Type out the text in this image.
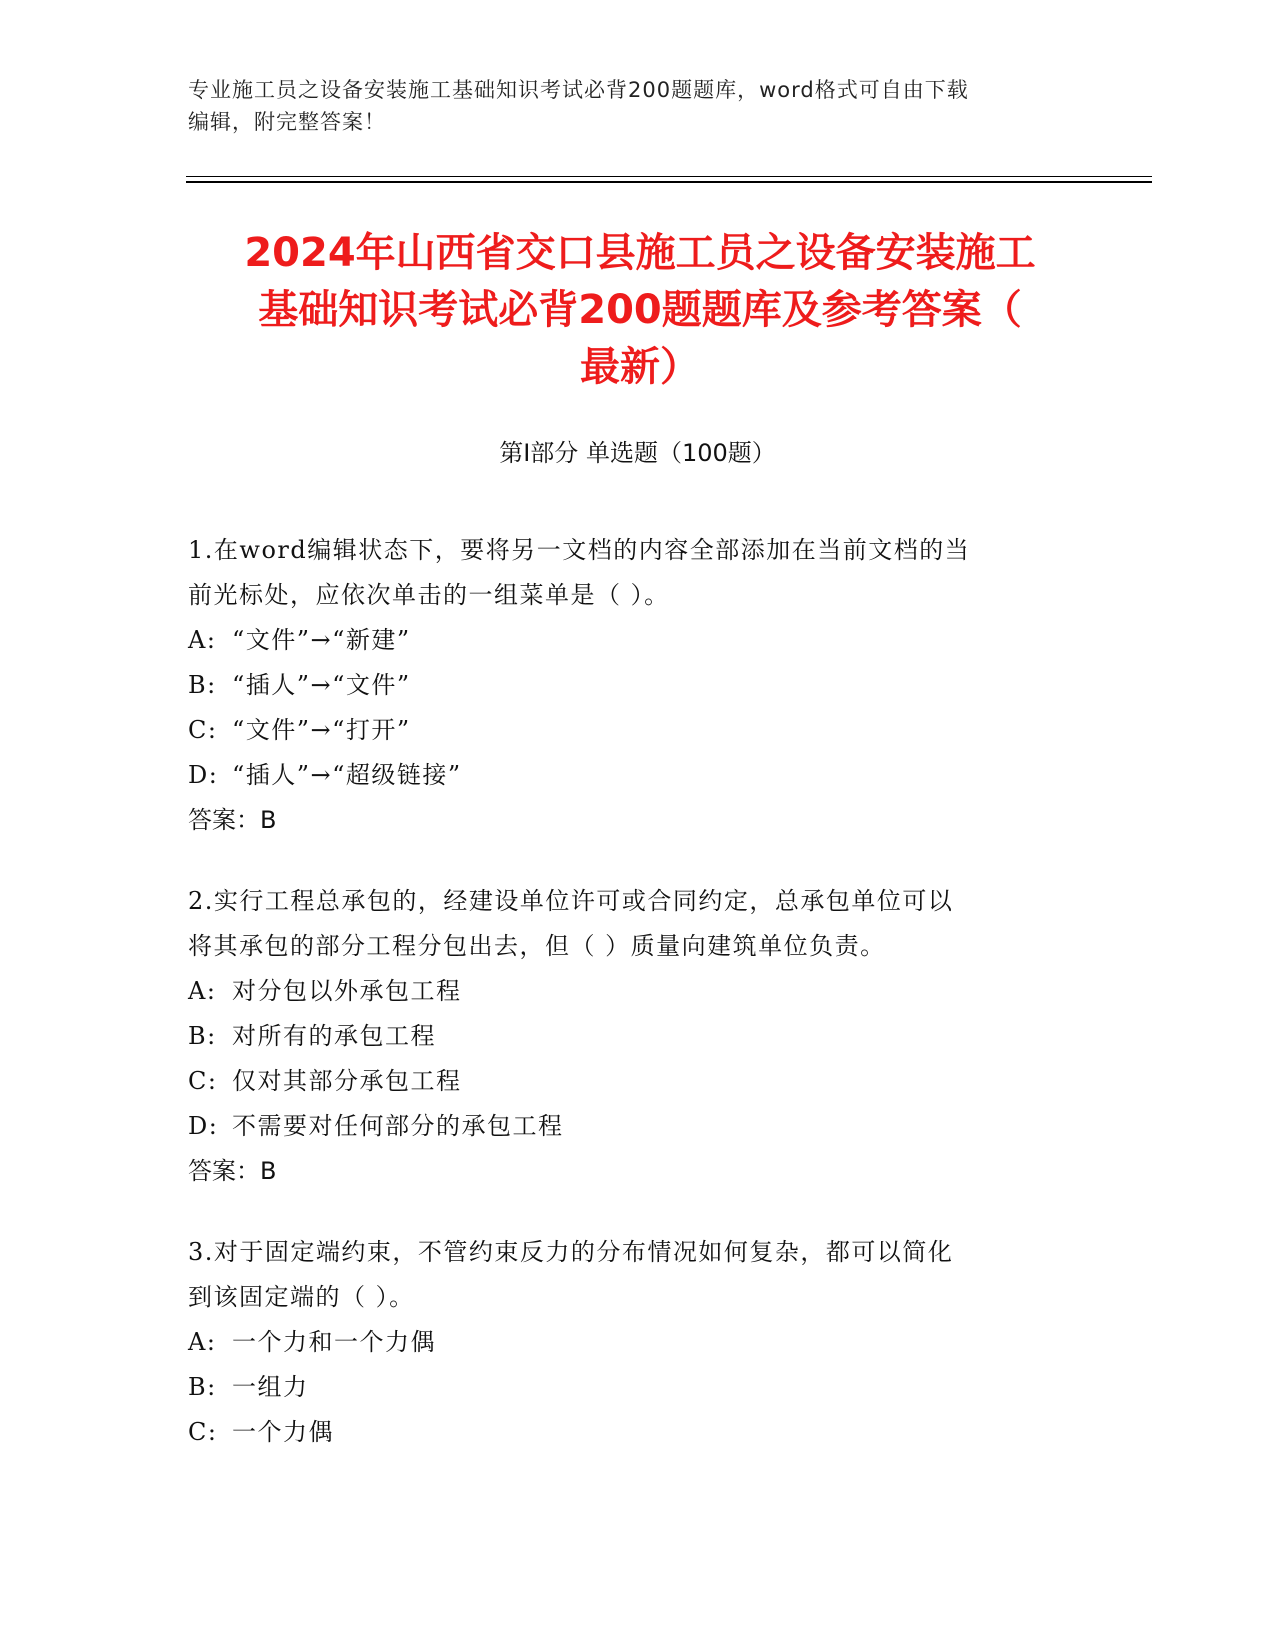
专业施工员之设备安装施工基础知识考试必背200题题库，word格式可自由下载
编辑，附完整答案！
2024年山西省交口县施工员之设备安装施工
基础知识考试必背200题题库及参考答案（
最新）
第Ⅰ部分 单选题（100题）
1.在word编辑状态下，要将另一文档的内容全部添加在当前文档的当
前光标处，应依次单击的一组菜单是（ ）。
A: “文件”→“新建”
B: “插人”→“文件”
C: “文件”→“打开”
D: “插人”→“超级链接”
答案：B
2.实行工程总承包的，经建设单位许可或合同约定，总承包单位可以
将其承包的部分工程分包出去，但（ ）质量向建筑单位负责。
A: 对分包以外承包工程
B: 对所有的承包工程
C: 仅对其部分承包工程
D: 不需要对任何部分的承包工程
答案：B
3.对于固定端约束，不管约束反力的分布情况如何复杂，都可以简化
到该固定端的（ ）。
A: 一个力和一个力偶
B: 一组力
C: 一个力偶
